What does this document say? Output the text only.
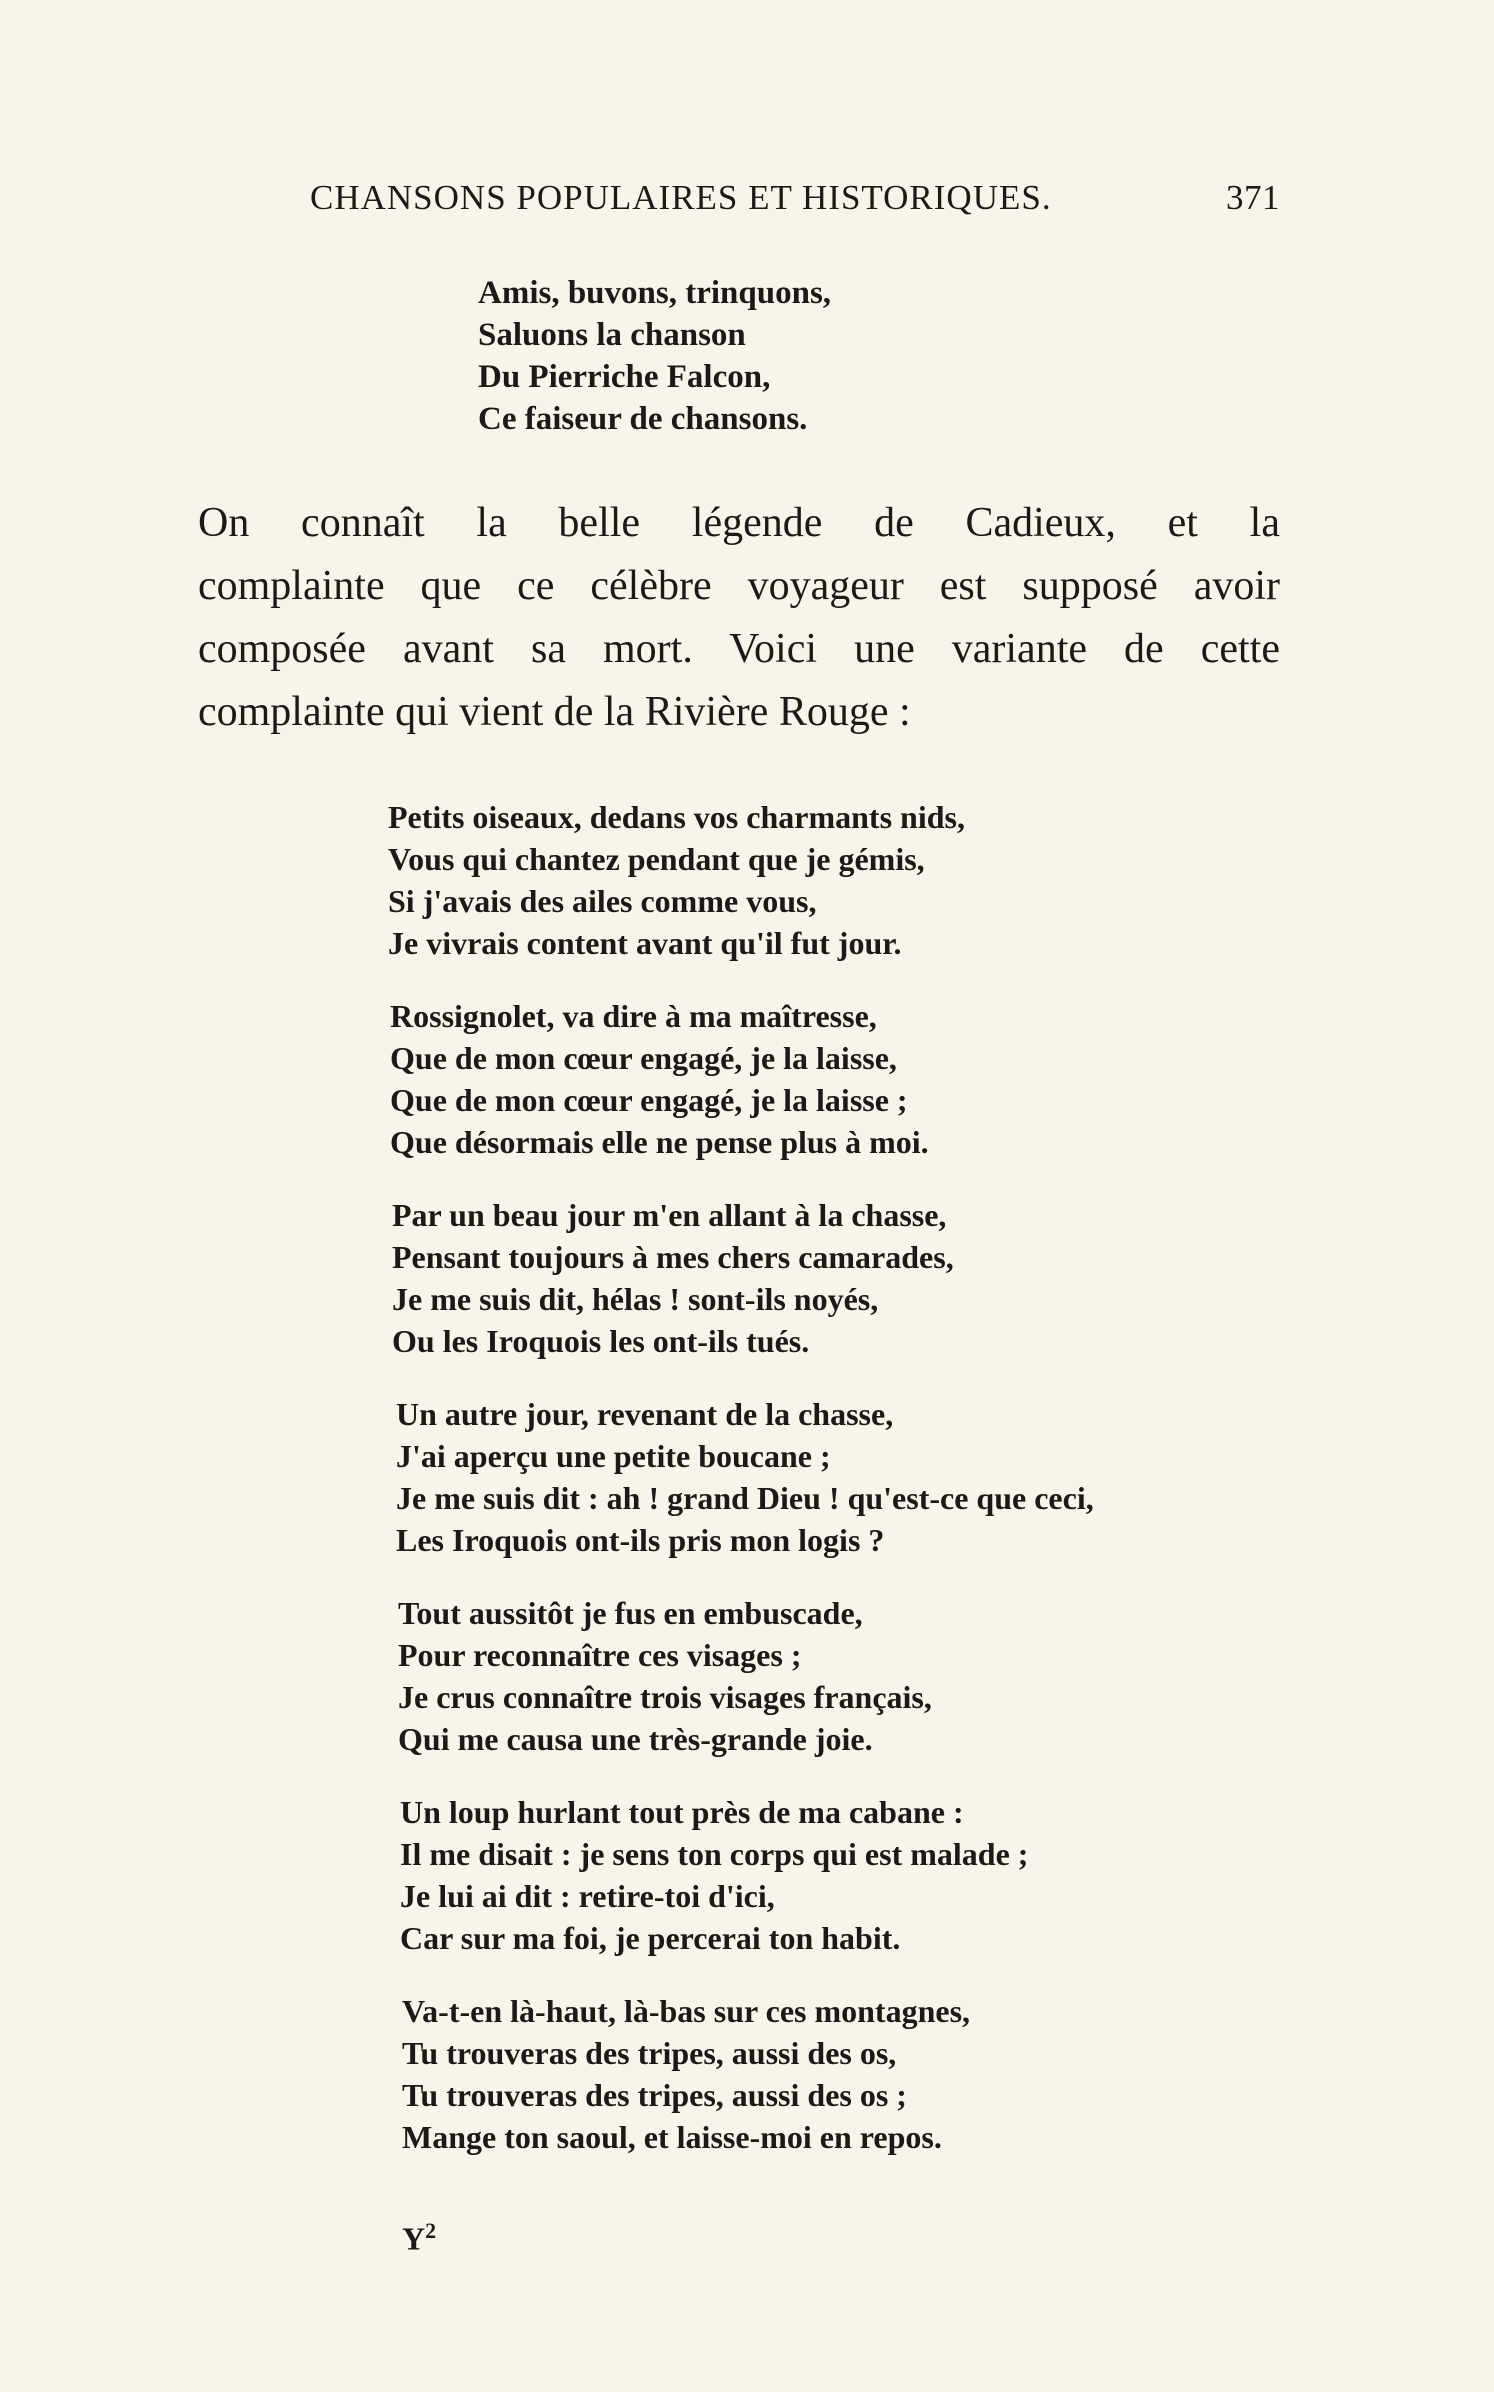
CHANSONS POPULAIRES ET HISTORIQUES.	371
Amis, buvons, trinquons,
Saluons la chanson
Du Pierriche Falcon,
Ce faiseur de chansons.
On connaît la belle légende de Cadieux, et la
complainte que ce célèbre voyageur est supposé avoir
composée avant sa mort. Voici une variante de cette
complainte qui vient de la Rivière Rouge :
Petits oiseaux, dedans vos charmants nids,
Vous qui chantez pendant que je gémis,
Si j'avais des ailes comme vous,
Je vivrais content avant qu'il fut jour.
Rossignolet, va dire à ma maîtresse,
Que de mon cœur engagé, je la laisse,
Que de mon cœur engagé, je la laisse ;
Que désormais elle ne pense plus à moi.
Par un beau jour m'en allant à la chasse,
Pensant toujours à mes chers camarades,
Je me suis dit, hélas ! sont-ils noyés,
Ou les Iroquois les ont-ils tués.
Un autre jour, revenant de la chasse,
J'ai aperçu une petite boucane ;
Je me suis dit : ah ! grand Dieu ! qu'est-ce que ceci,
Les Iroquois ont-ils pris mon logis ?
Tout aussitôt je fus en embuscade,
Pour reconnaître ces visages ;
Je crus connaître trois visages français,
Qui me causa une très-grande joie.
Un loup hurlant tout près de ma cabane :
Il me disait : je sens ton corps qui est malade ;
Je lui ai dit : retire-toi d'ici,
Car sur ma foi, je percerai ton habit.
Va-t-en là-haut, là-bas sur ces montagnes,
Tu trouveras des tripes, aussi des os,
Tu trouveras des tripes, aussi des os ;
Mange ton saoul, et laisse-moi en repos.
$Y^2$
